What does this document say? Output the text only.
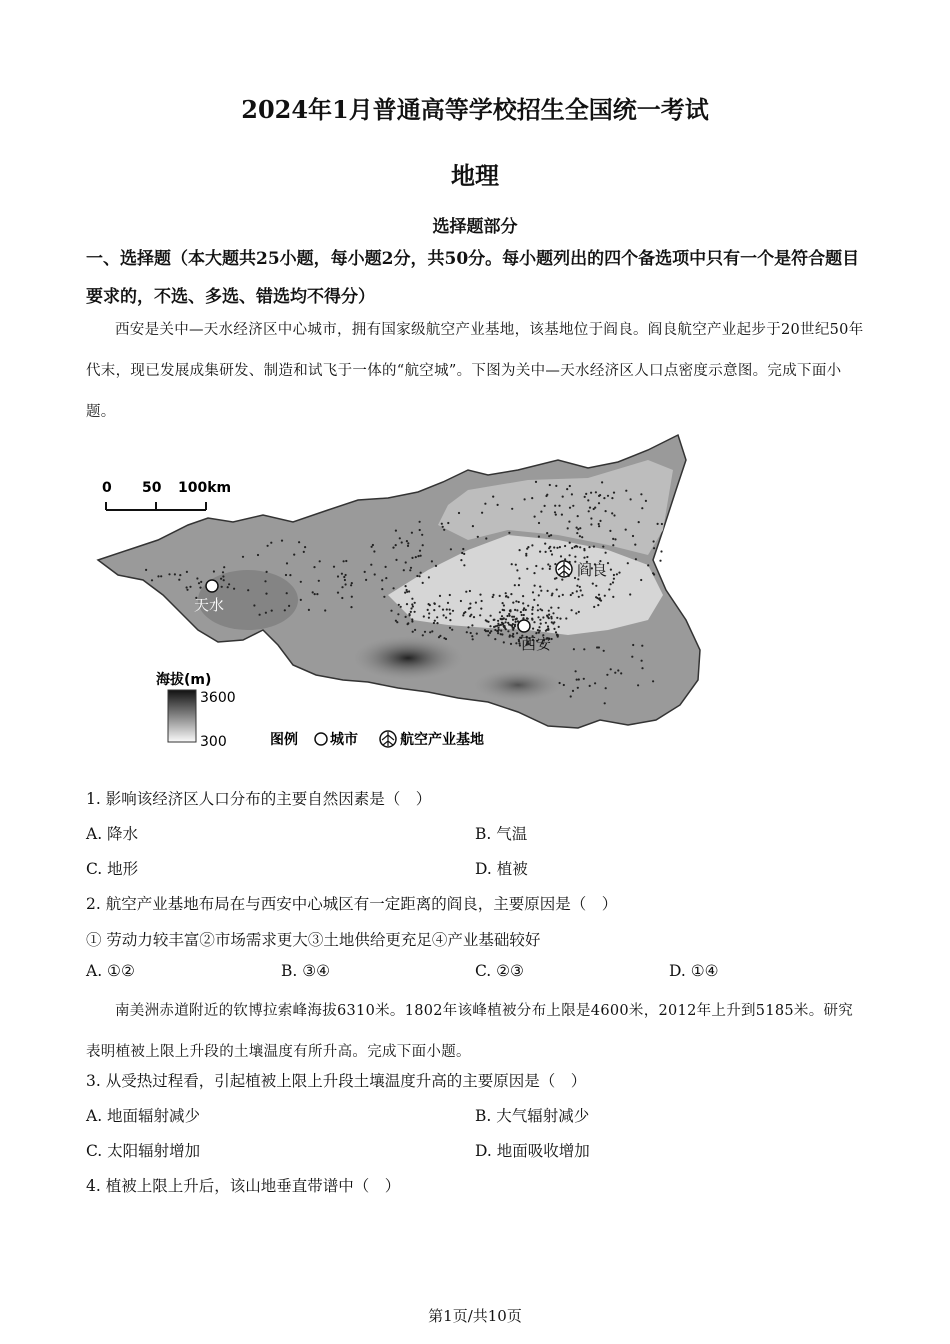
2024年1月普通高等学校招生全国统一考试
地理
选择题部分
一、选择题（本大题共25小题，每小题2分，共50分。每小题列出的四个备选项中只有一个是符合题目要求的，不选、多选、错选均不得分）
西安是关中—天水经济区中心城市，拥有国家级航空产业基地，该基地位于阎良。阎良航空产业起步于20世纪50年代末，现已发展成集研发、制造和试飞于一体的“航空城”。下图为关中—天水经济区人口点密度示意图。完成下面小题。
0 50 100km
天水
西安
阎良
海拔(m)
3600
300	图例 城市	航空产业基地
1. 影响该经济区人口分布的主要自然因素是（　）
A. 降水	B. 气温
C. 地形	D. 植被
2. 航空产业基地布局在与西安中心城区有一定距离的阎良，主要原因是（　）
① 劳动力较丰富②市场需求更大③土地供给更充足④产业基础较好
A. ①②	B. ③④	C. ②③	D. ①④
南美洲赤道附近的钦博拉索峰海拔6310米。1802年该峰植被分布上限是4600米，2012年上升到5185米。研究表明植被上限上升段的土壤温度有所升高。完成下面小题。
3. 从受热过程看，引起植被上限上升段土壤温度升高的主要原因是（　）
A. 地面辐射减少	B. 大气辐射减少
C. 太阳辐射增加	D. 地面吸收增加
4. 植被上限上升后，该山地垂直带谱中（　）
第1页/共10页
